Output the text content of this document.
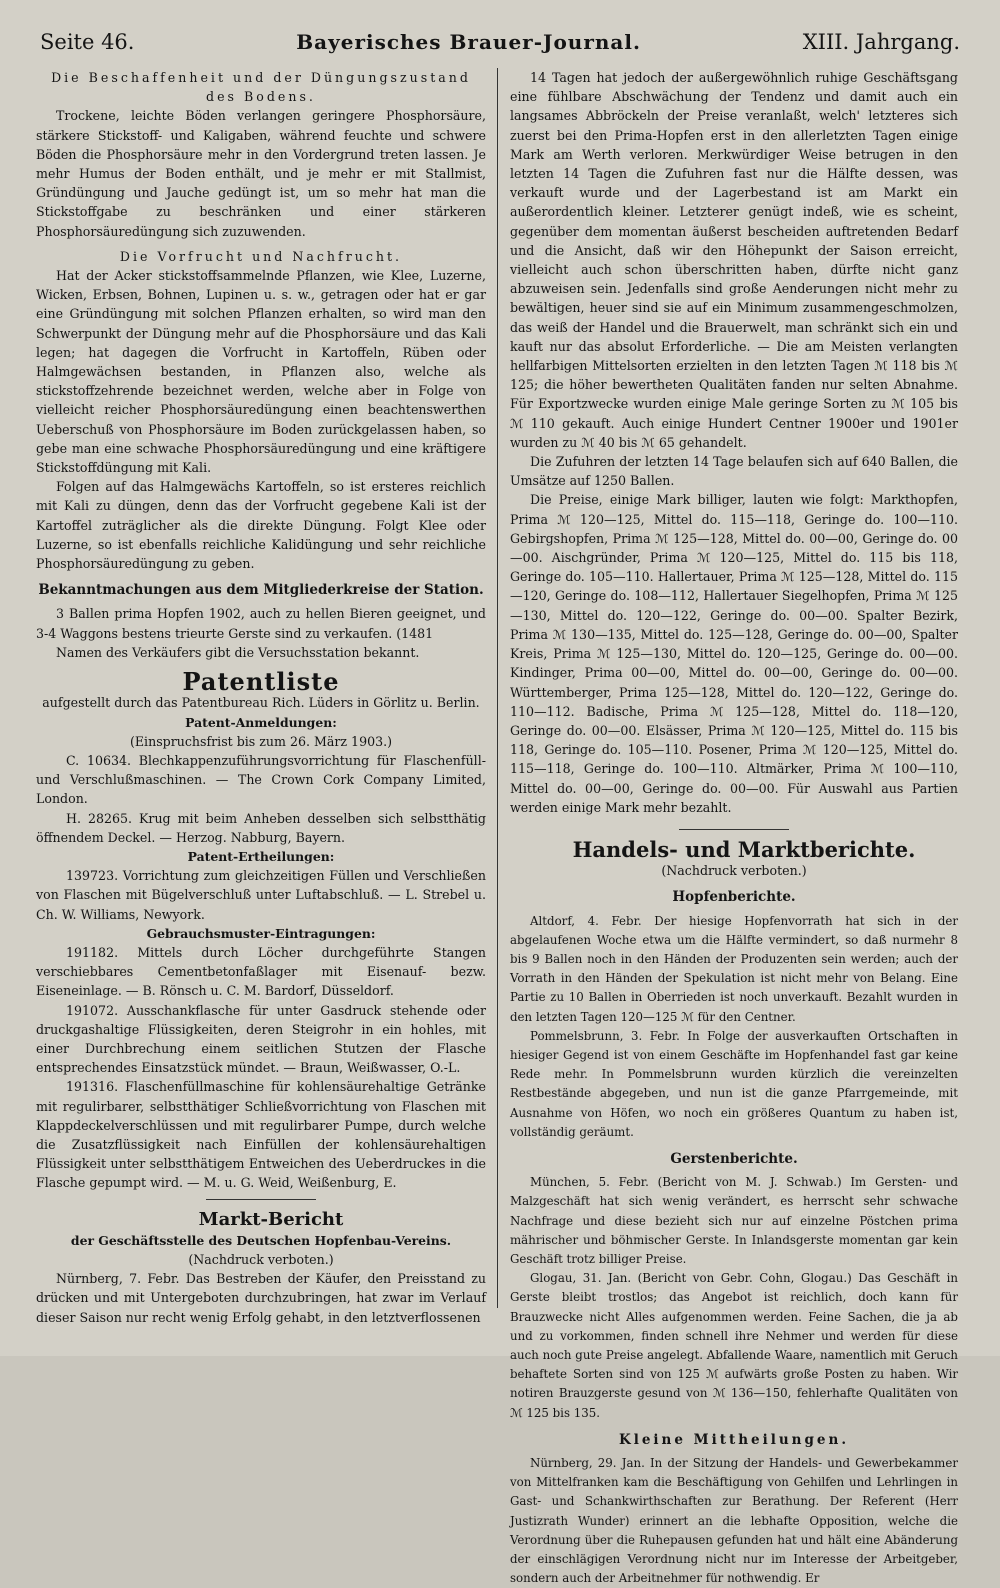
Seite 46.	Bayerisches Brauer-Journal.	XIII. Jahrgang.

Die Beschaffenheit und der Düngungszustand des Bodens.

Trockene, leichte Böden verlangen geringere Phosphorsäure, stärkere Stickstoff- und Kaligaben, während feuchte und schwere Böden die Phosphorsäure mehr in den Vordergrund treten lassen. Je mehr Humus der Boden enthält, und je mehr er mit Stallmist, Gründüngung und Jauche gedüngt ist, um so mehr hat man die Stickstoffgabe zu beschränken und einer stärkeren Phosphorsäuredüngung sich zuzuwenden.

Die Vorfrucht und Nachfrucht.

Hat der Acker stickstoffsammelnde Pflanzen, wie Klee, Luzerne, Wicken, Erbsen, Bohnen, Lupinen u. s. w., getragen oder hat er gar eine Gründüngung mit solchen Pflanzen erhalten, so wird man den Schwerpunkt der Düngung mehr auf die Phosphorsäure und das Kali legen; hat dagegen die Vorfrucht in Kartoffeln, Rüben oder Halmgewächsen bestanden, in Pflanzen also, welche als stickstoffzehrende bezeichnet werden, welche aber in Folge von vielleicht reicher Phosphorsäuredüngung einen beachtenswerthen Ueberschuß von Phosphorsäure im Boden zurückgelassen haben, so gebe man eine schwache Phosphorsäuredüngung und eine kräftigere Stickstoffdüngung mit Kali.

Folgen auf das Halmgewächs Kartoffeln, so ist ersteres reichlich mit Kali zu düngen, denn das der Vorfrucht gegebene Kali ist der Kartoffel zuträglicher als die direkte Düngung. Folgt Klee oder Luzerne, so ist ebenfalls reichliche Kalidüngung und sehr reichliche Phosphorsäuredüngung zu geben.

Bekanntmachungen aus dem Mitgliederkreise der Station.

3 Ballen prima Hopfen 1902, auch zu hellen Bieren geeignet, und 3-4 Waggons bestens trieurte Gerste sind zu verkaufen. (1481

Namen des Verkäufers gibt die Versuchsstation bekannt.

Patentliste

aufgestellt durch das Patentbureau Rich. Lüders in Görlitz u. Berlin.

Patent-Anmeldungen:

(Einspruchsfrist bis zum 26. März 1903.)

C. 10634. Blechkappenzuführungsvorrichtung für Flaschenfüll- und Verschlußmaschinen. — The Crown Cork Company Limited, London.

H. 28265. Krug mit beim Anheben desselben sich selbstthätig öffnendem Deckel. — Herzog. Nabburg, Bayern.

Patent-Ertheilungen:

139723. Vorrichtung zum gleichzeitigen Füllen und Verschließen von Flaschen mit Bügelverschluß unter Luftabschluß. — L. Strebel u. Ch. W. Williams, Newyork.

Gebrauchsmuster-Eintragungen:

191182. Mittels durch Löcher durchgeführte Stangen verschiebbares Cementbetonfaßlager mit Eisenauf- bezw. Eiseneinlage. — B. Rönsch u. C. M. Bardorf, Düsseldorf.

191072. Ausschankflasche für unter Gasdruck stehende oder druckgashaltige Flüssigkeiten, deren Steigrohr in ein hohles, mit einer Durchbrechung einem seitlichen Stutzen der Flasche entsprechendes Einsatzstück mündet. — Braun, Weißwasser, O.-L.

191316. Flaschenfüllmaschine für kohlensäurehaltige Getränke mit regulirbarer, selbstthätiger Schließvorrichtung von Flaschen mit Klappdeckelverschlüssen und mit regulirbarer Pumpe, durch welche die Zusatzflüssigkeit nach Einfüllen der kohlensäurehaltigen Flüssigkeit unter selbstthätigem Entweichen des Ueberdruckes in die Flasche gepumpt wird. — M. u. G. Weid, Weißenburg, E.

Markt-Bericht

der Geschäftsstelle des Deutschen Hopfenbau-Vereins.

(Nachdruck verboten.)

Nürnberg, 7. Febr. Das Bestreben der Käufer, den Preisstand zu drücken und mit Untergeboten durchzubringen, hat zwar im Verlauf dieser Saison nur recht wenig Erfolg gehabt, in den letztverflossenen

14 Tagen hat jedoch der außergewöhnlich ruhige Geschäftsgang eine fühlbare Abschwächung der Tendenz und damit auch ein langsames Abbröckeln der Preise veranlaßt, welch' letzteres sich zuerst bei den Prima-Hopfen erst in den allerletzten Tagen einige Mark am Werth verloren. Merkwürdiger Weise betrugen in den letzten 14 Tagen die Zufuhren fast nur die Hälfte dessen, was verkauft wurde und der Lagerbestand ist am Markt ein außerordentlich kleiner. Letzterer genügt indeß, wie es scheint, gegenüber dem momentan äußerst bescheiden auftretenden Bedarf und die Ansicht, daß wir den Höhepunkt der Saison erreicht, vielleicht auch schon überschritten haben, dürfte nicht ganz abzuweisen sein. Jedenfalls sind große Aenderungen nicht mehr zu bewältigen, heuer sind sie auf ein Minimum zusammengeschmolzen, das weiß der Handel und die Brauerwelt, man schränkt sich ein und kauft nur das absolut Erforderliche. — Die am Meisten verlangten hellfarbigen Mittelsorten erzielten in den letzten Tagen ℳ 118 bis ℳ 125; die höher bewertheten Qualitäten fanden nur selten Abnahme. Für Exportzwecke wurden einige Male geringe Sorten zu ℳ 105 bis ℳ 110 gekauft. Auch einige Hundert Centner 1900er und 1901er wurden zu ℳ 40 bis ℳ 65 gehandelt.

Die Zufuhren der letzten 14 Tage belaufen sich auf 640 Ballen, die Umsätze auf 1250 Ballen.

Die Preise, einige Mark billiger, lauten wie folgt: Markthopfen, Prima ℳ 120—125, Mittel do. 115—118, Geringe do. 100—110. Gebirgshopfen, Prima ℳ 125—128, Mittel do. 00—00, Geringe do. 00—00. Aischgründer, Prima ℳ 120—125, Mittel do. 115 bis 118, Geringe do. 105—110. Hallertauer, Prima ℳ 125—128, Mittel do. 115—120, Geringe do. 108—112, Hallertauer Siegelhopfen, Prima ℳ 125—130, Mittel do. 120—122, Geringe do. 00—00. Spalter Bezirk, Prima ℳ 130—135, Mittel do. 125—128, Geringe do. 00—00, Spalter Kreis, Prima ℳ 125—130, Mittel do. 120—125, Geringe do. 00—00. Kindinger, Prima 00—00, Mittel do. 00—00, Geringe do. 00—00. Württemberger, Prima 125—128, Mittel do. 120—122, Geringe do. 110—112. Badische, Prima ℳ 125—128, Mittel do. 118—120, Geringe do. 00—00. Elsässer, Prima ℳ 120—125, Mittel do. 115 bis 118, Geringe do. 105—110. Posener, Prima ℳ 120—125, Mittel do. 115—118, Geringe do. 100—110. Altmärker, Prima ℳ 100—110, Mittel do. 00—00, Geringe do. 00—00. Für Auswahl aus Partien werden einige Mark mehr bezahlt.

Handels- und Marktberichte.

(Nachdruck verboten.)

Hopfenberichte.

Altdorf, 4. Febr. Der hiesige Hopfenvorrath hat sich in der abgelaufenen Woche etwa um die Hälfte vermindert, so daß nurmehr 8 bis 9 Ballen noch in den Händen der Produzenten sein werden; auch der Vorrath in den Händen der Spekulation ist nicht mehr von Belang. Eine Partie zu 10 Ballen in Oberrieden ist noch unverkauft. Bezahlt wurden in den letzten Tagen 120—125 ℳ für den Centner.

Pommelsbrunn, 3. Febr. In Folge der ausverkauften Ortschaften in hiesiger Gegend ist von einem Geschäfte im Hopfenhandel fast gar keine Rede mehr. In Pommelsbrunn wurden kürzlich die vereinzelten Restbestände abgegeben, und nun ist die ganze Pfarrgemeinde, mit Ausnahme von Höfen, wo noch ein größeres Quantum zu haben ist, vollständig geräumt.

Gerstenberichte.

München, 5. Febr. (Bericht von M. J. Schwab.) Im Gersten- und Malzgeschäft hat sich wenig verändert, es herrscht sehr schwache Nachfrage und diese bezieht sich nur auf einzelne Pöstchen prima mährischer und böhmischer Gerste. In Inlandsgerste momentan gar kein Geschäft trotz billiger Preise.

Glogau, 31. Jan. (Bericht von Gebr. Cohn, Glogau.) Das Geschäft in Gerste bleibt trostlos; das Angebot ist reichlich, doch kann für Brauzwecke nicht Alles aufgenommen werden. Feine Sachen, die ja ab und zu vorkommen, finden schnell ihre Nehmer und werden für diese auch noch gute Preise angelegt. Abfallende Waare, namentlich mit Geruch behaftete Sorten sind von 125 ℳ aufwärts große Posten zu haben. Wir notiren Brauzgerste gesund von ℳ 136—150, fehlerhafte Qualitäten von ℳ 125 bis 135.

Kleine Mittheilungen.

Nürnberg, 29. Jan. In der Sitzung der Handels- und Gewerbekammer von Mittelfranken kam die Beschäftigung von Gehilfen und Lehrlingen in Gast- und Schankwirthschaften zur Berathung. Der Referent (Herr Justizrath Wunder) erinnert an die lebhafte Opposition, welche die Verordnung über die Ruhepausen gefunden hat und hält eine Abänderung der einschlägigen Verordnung nicht nur im Interesse der Arbeitgeber, sondern auch der Arbeitnehmer für nothwendig. Er
